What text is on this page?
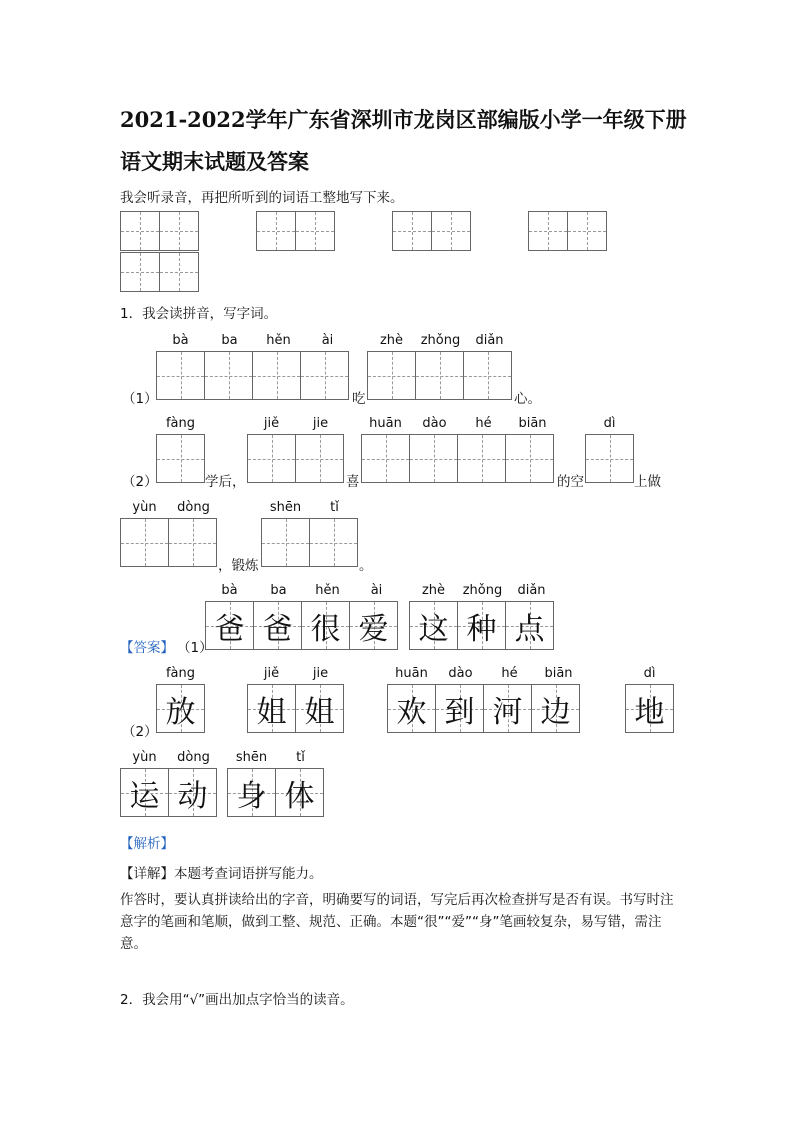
2021-2022学年广东省深圳市龙岗区部编版小学一年级下册
语文期末试题及答案
我会听录音，再把所听到的词语工整地写下来。
1．我会读拼音，写字词。
bà	ba	hěn	ài
（1）	吃
zhè	zhǒng	diǎn
心。
fàng
（2）	学后，
jiě	jie
喜
huān	dào	hé	biān
的空
dì
上做
yùn	dòng
，锻炼
shēn	tǐ
。
【答案】 （1）
bà	ba	hěn	ài
爸 爸 很 爱
zhè	zhǒng	diǎn
这 种 点
（2）
fàng
放
jiě	jie
姐 姐
huān	dào	hé	biān
欢 到 河 边
dì
地
yùn	dòng
运 动
shēn	tǐ
身 体
【解析】
【详解】本题考查词语拼写能力。
作答时，要认真拼读给出的字音，明确要写的词语，写完后再次检查拼写是否有误。书写时注意字的笔画和笔顺，做到工整、规范、正确。本题“很”“爱”“身”笔画较复杂，易写错，需注意。
2．我会用“√”画出加点字恰当的读音。
